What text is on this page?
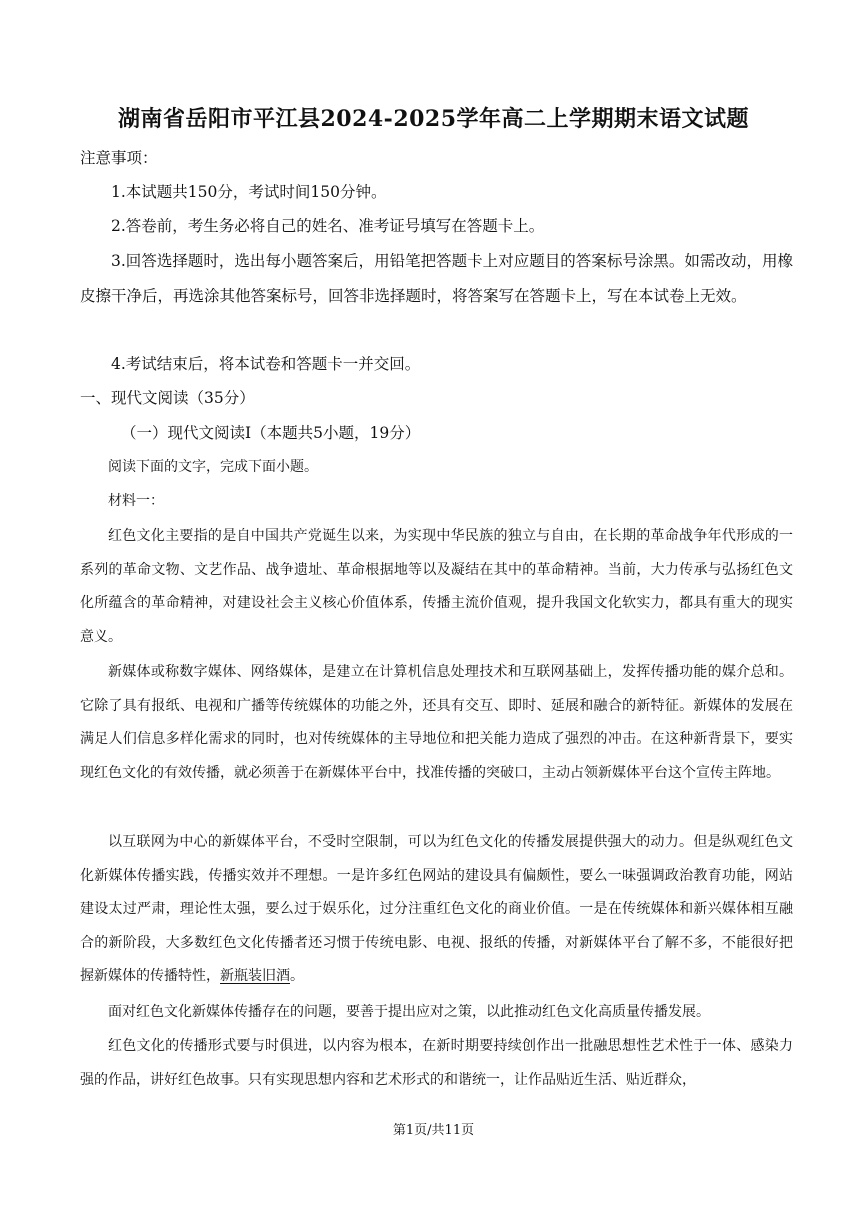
湖南省岳阳市平江县2024-2025学年高二上学期期末语文试题
注意事项：
1.本试题共150分，考试时间150分钟。
2.答卷前，考生务必将自己的姓名、准考证号填写在答题卡上。
3.回答选择题时，选出每小题答案后，用铅笔把答题卡上对应题目的答案标号涂黑。如需改动，用橡皮擦干净后，再选涂其他答案标号，回答非选择题时，将答案写在答题卡上，写在本试卷上无效。
4.考试结束后，将本试卷和答题卡一并交回。
一、现代文阅读（35分）
（一）现代文阅读Ⅰ（本题共5小题，19分）
阅读下面的文字，完成下面小题。
材料一：
红色文化主要指的是自中国共产党诞生以来，为实现中华民族的独立与自由，在长期的革命战争年代形成的一系列的革命文物、文艺作品、战争遗址、革命根据地等以及凝结在其中的革命精神。当前，大力传承与弘扬红色文化所蕴含的革命精神，对建设社会主义核心价值体系，传播主流价值观，提升我国文化软实力，都具有重大的现实意义。
新媒体或称数字媒体、网络媒体，是建立在计算机信息处理技术和互联网基础上，发挥传播功能的媒介总和。它除了具有报纸、电视和广播等传统媒体的功能之外，还具有交互、即时、延展和融合的新特征。新媒体的发展在满足人们信息多样化需求的同时，也对传统媒体的主导地位和把关能力造成了强烈的冲击。在这种新背景下，要实现红色文化的有效传播，就必须善于在新媒体平台中，找准传播的突破口，主动占领新媒体平台这个宣传主阵地。
以互联网为中心的新媒体平台，不受时空限制，可以为红色文化的传播发展提供强大的动力。但是纵观红色文化新媒体传播实践，传播实效并不理想。一是许多红色网站的建设具有偏颇性，要么一味强调政治教育功能，网站建设太过严肃，理论性太强，要么过于娱乐化，过分注重红色文化的商业价值。一是在传统媒体和新兴媒体相互融合的新阶段，大多数红色文化传播者还习惯于传统电影、电视、报纸的传播，对新媒体平台了解不多，不能很好把握新媒体的传播特性，新瓶装旧酒。
面对红色文化新媒体传播存在的问题，要善于提出应对之策，以此推动红色文化高质量传播发展。
红色文化的传播形式要与时俱进，以内容为根本，在新时期要持续创作出一批融思想性艺术性于一体、感染力强的作品，讲好红色故事。只有实现思想内容和艺术形式的和谐统一，让作品贴近生活、贴近群众，
第1页/共11页
